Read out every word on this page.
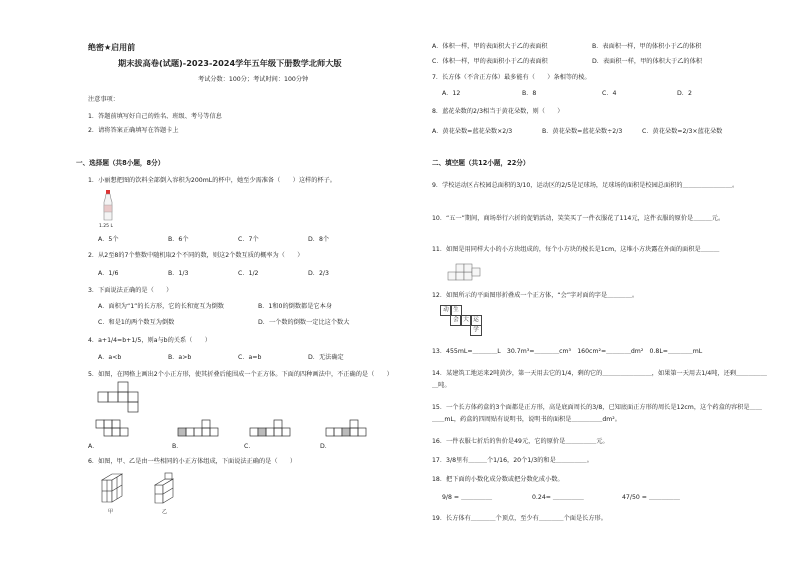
绝密★启用前
期末拔高卷(试题)-2023-2024学年五年级下册数学北师大版
考试分数：100分；考试时间：100分钟
注意事项：
1．答题前填写好自己的姓名、班级、考号等信息
2．请将答案正确填写在答题卡上
一、选择题（共8小题，8分）
1．小丽想把图的饮料全部倒入容积为200mL的杯中，她至少需准备（　　）这样的杯子。
1.25 L
A．5个	B．6个	C．7个	D．8个
2．从2至8的7个整数中随机取2个不同的数，则这2个数互质的概率为（　　）
A．1/6	B．1/3	C．1/2	D．2/3
3．下面说法正确的是（　　）
A．面积为“1”的长方形，它的长和宽互为倒数	B．1和0的倒数都是它本身
C．和是1的两个数互为倒数	D．一个数的倒数一定比这个数大
4．a+1/4=b+1/5，则a与b的关系（　　）
A．a<b	B．a>b	C．a=b	D．无法确定
5．如图，在网格上画出2个小正方形，使其折叠后能围成一个正方体。下面的四种画法中，不正确的是（　　）
A．	B．	C．	D．
6．如图，甲、乙是由一些相同的小正方体组成，下面说法正确的是（　　）
甲	乙
A．体积一样，甲的表面积大于乙的表面积	B．表面积一样，甲的体积小于乙的体积
C．体积一样，甲的表面积小于乙的表面积	D．表面积一样，甲的体积大于乙的体积
7．长方体（不含正方体）最多能有（　　）条相等的棱。
A．12	B．8	C．4	D．2
8．蓝花朵数的2/3相当于黄花朵数，则（　　）
A．黄花朵数=蓝花朵数×2/3	B．黄花朵数=蓝花朵数÷2/3	C．黄花朵数=2/3×蓝花朵数
二、填空题（共12小题，22分）
9．学校运动区占校园总面积的3/10，运动区的2/5是足球场，足球场的面积是校园总面积的＿＿＿＿＿＿＿＿。
10．“五一”期间，商场举行六折的促销活动，笑笑买了一件衣服花了114元，这件衣服的原价是＿＿＿元。
11．如图是用同样大小的小方块组成的，每个小方块的棱长是1cm，这堆小方块露在外面的面积是＿＿＿
12．如图所示的平面图形折叠成一个正方体，“会”字对面的字是＿＿＿＿。
动 生
会 大 运
学
13．455mL=＿＿＿＿L　30.7m³=＿＿＿＿cm³　160cm²=＿＿＿＿dm²　0.8L=＿＿＿＿mL
14．某建筑工地运来2吨黄沙，第一天用去它的1/4，剩的它的＿＿＿＿＿＿＿＿，如果第一天用去1/4吨，还剩＿＿＿＿＿＿吨。
15．一个长方体药盒的3个面都是正方形，高是底面周长的3/8，已知底面正方形的周长是12cm，这个药盒的容积是＿＿＿＿mL，药盒的四周贴有说明书，说明书的面积是＿＿＿＿＿dm²。
16．一件衣服七折后的售价是49元，它的原价是＿＿＿＿＿元。
17．3/8里有＿＿＿个1/16，20个1/3的和是＿＿＿＿＿。
18．把下面的小数化成分数或把分数化成小数。
9/8 = ＿＿＿＿＿	0.24= ＿＿＿＿＿	47/50 = ＿＿＿＿＿
19．长方体有＿＿＿＿个顶点，至少有＿＿＿＿个面是长方形。
